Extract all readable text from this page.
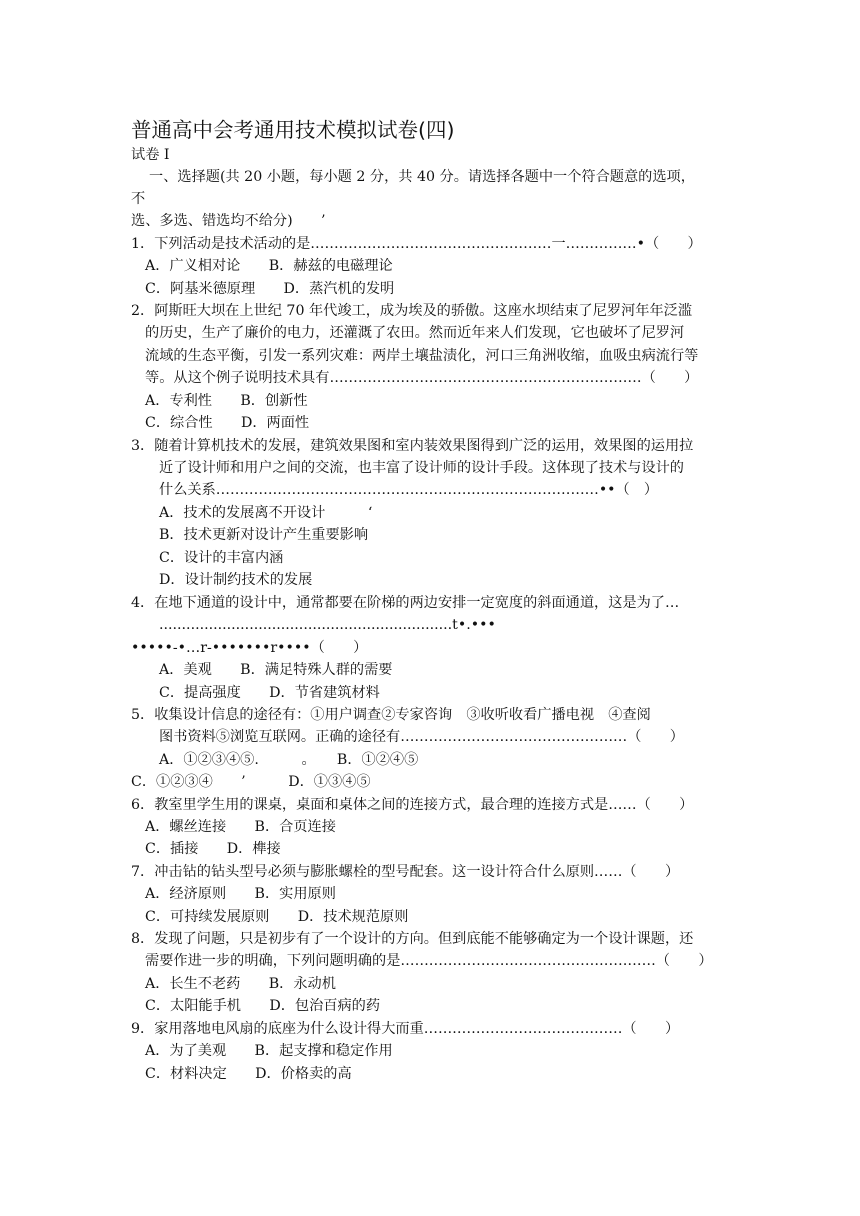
普通高中会考通用技术模拟试卷(四)
试卷 Ⅰ
一、选择题(共 20 小题，每小题 2 分，共 40 分。请选择各题中一个符合题意的选项，
不
选、多选、错选均不给分)　　’
1．下列活动是技术活动的是……………………………………………一……………•（　　）
A．广义相对论　　B．赫兹的电磁理论
C．阿基米德原理　　D．蒸汽机的发明
2．阿斯旺大坝在上世纪 70 年代竣工，成为埃及的骄傲。这座水坝结束了尼罗河年年泛滥
的历史，生产了廉价的电力，还灌溉了农田。然而近年来人们发现，它也破坏了尼罗河
流域的生态平衡，引发一系列灾难：两岸土壤盐渍化，河口三角洲收缩，血吸虫病流行等
等。从这个例子说明技术具有…………………………………………………………（　　）
A．专利性　　B．创新性
C．综合性　　D．两面性
3．随着计算机技术的发展，建筑效果图和室内装效果图得到广泛的运用，效果图的运用拉
近了设计师和用户之间的交流，也丰富了设计师的设计手段。这体现了技术与设计的
什么关系………………………………………………………………………••（　）
A．技术的发展离不开设计　　　‘
B．技术更新对设计产生重要影响
C．设计的丰富内涵
D．设计制约技术的发展
4．在地下通道的设计中，通常都要在阶梯的两边安排一定宽度的斜面通道，这是为了…
.................................................................t•.•••
•••••-•…r-•••••••r••••（　　）
A．美观　　B．满足特殊人群的需要
C．提高强度　　D．节省建筑材料
5．收集设计信息的途径有：①用户调查②专家咨询　③收听收看广播电视　④查阅
图书资料⑤浏览互联网。正确的途径有…………………………………………（　　）
A．①②③④⑤.　　　。　　B．①②④⑤
C．①②③④　　’　　　D．①③④⑤
6．教室里学生用的课桌，桌面和桌体之间的连接方式，最合理的连接方式是……（　　）
A．螺丝连接　　B．合页连接
C．插接　　D．榫接
7．冲击钻的钻头型号必须与膨胀螺栓的型号配套。这一设计符合什么原则……（　　）
A．经济原则　　B．实用原则
C．可持续发展原则　　D．技术规范原则
8．发现了问题，只是初步有了一个设计的方向。但到底能不能够确定为一个设计课题，还
需要作进一步的明确，下列问题明确的是………………………………………………（　　）
A．长生不老药　　B．永动机
C．太阳能手机　　D．包治百病的药
9．家用落地电风扇的底座为什么设计得大而重……………………………………（　　）
A．为了美观　　B．起支撑和稳定作用
C．材料决定　　D．价格卖的高
